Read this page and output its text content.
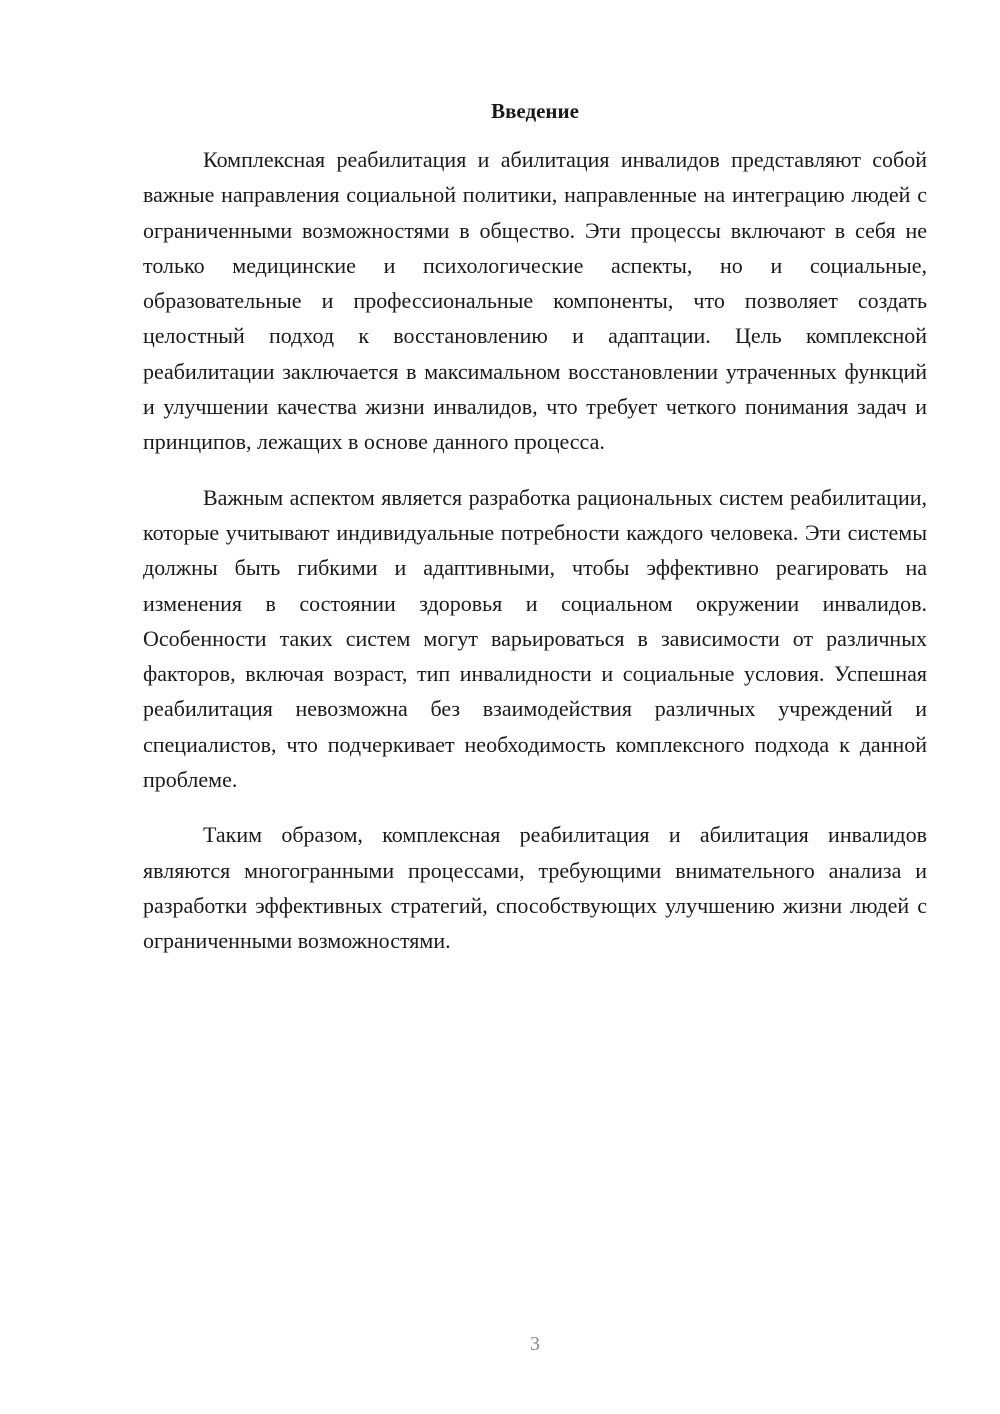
Введение

Комплексная реабилитация и абилитация инвалидов представляют собой важные направления социальной политики, направленные на интеграцию людей с ограниченными возможностями в общество. Эти процессы включают в себя не только медицинские и психологические аспекты, но и социальные, образовательные и профессиональные компоненты, что позволяет создать целостный подход к восстановлению и адаптации. Цель комплексной реабилитации заключается в максимальном восстановлении утраченных функций и улучшении качества жизни инвалидов, что требует четкого понимания задач и принципов, лежащих в основе данного процесса.

Важным аспектом является разработка рациональных систем реабилитации, которые учитывают индивидуальные потребности каждого человека. Эти системы должны быть гибкими и адаптивными, чтобы эффективно реагировать на изменения в состоянии здоровья и социальном окружении инвалидов. Особенности таких систем могут варьироваться в зависимости от различных факторов, включая возраст, тип инвалидности и социальные условия. Успешная реабилитация невозможна без взаимодействия различных учреждений и специалистов, что подчеркивает необходимость комплексного подхода к данной проблеме.

Таким образом, комплексная реабилитация и абилитация инвалидов являются многогранными процессами, требующими внимательного анализа и разработки эффективных стратегий, способствующих улучшению жизни людей с ограниченными возможностями.

3
